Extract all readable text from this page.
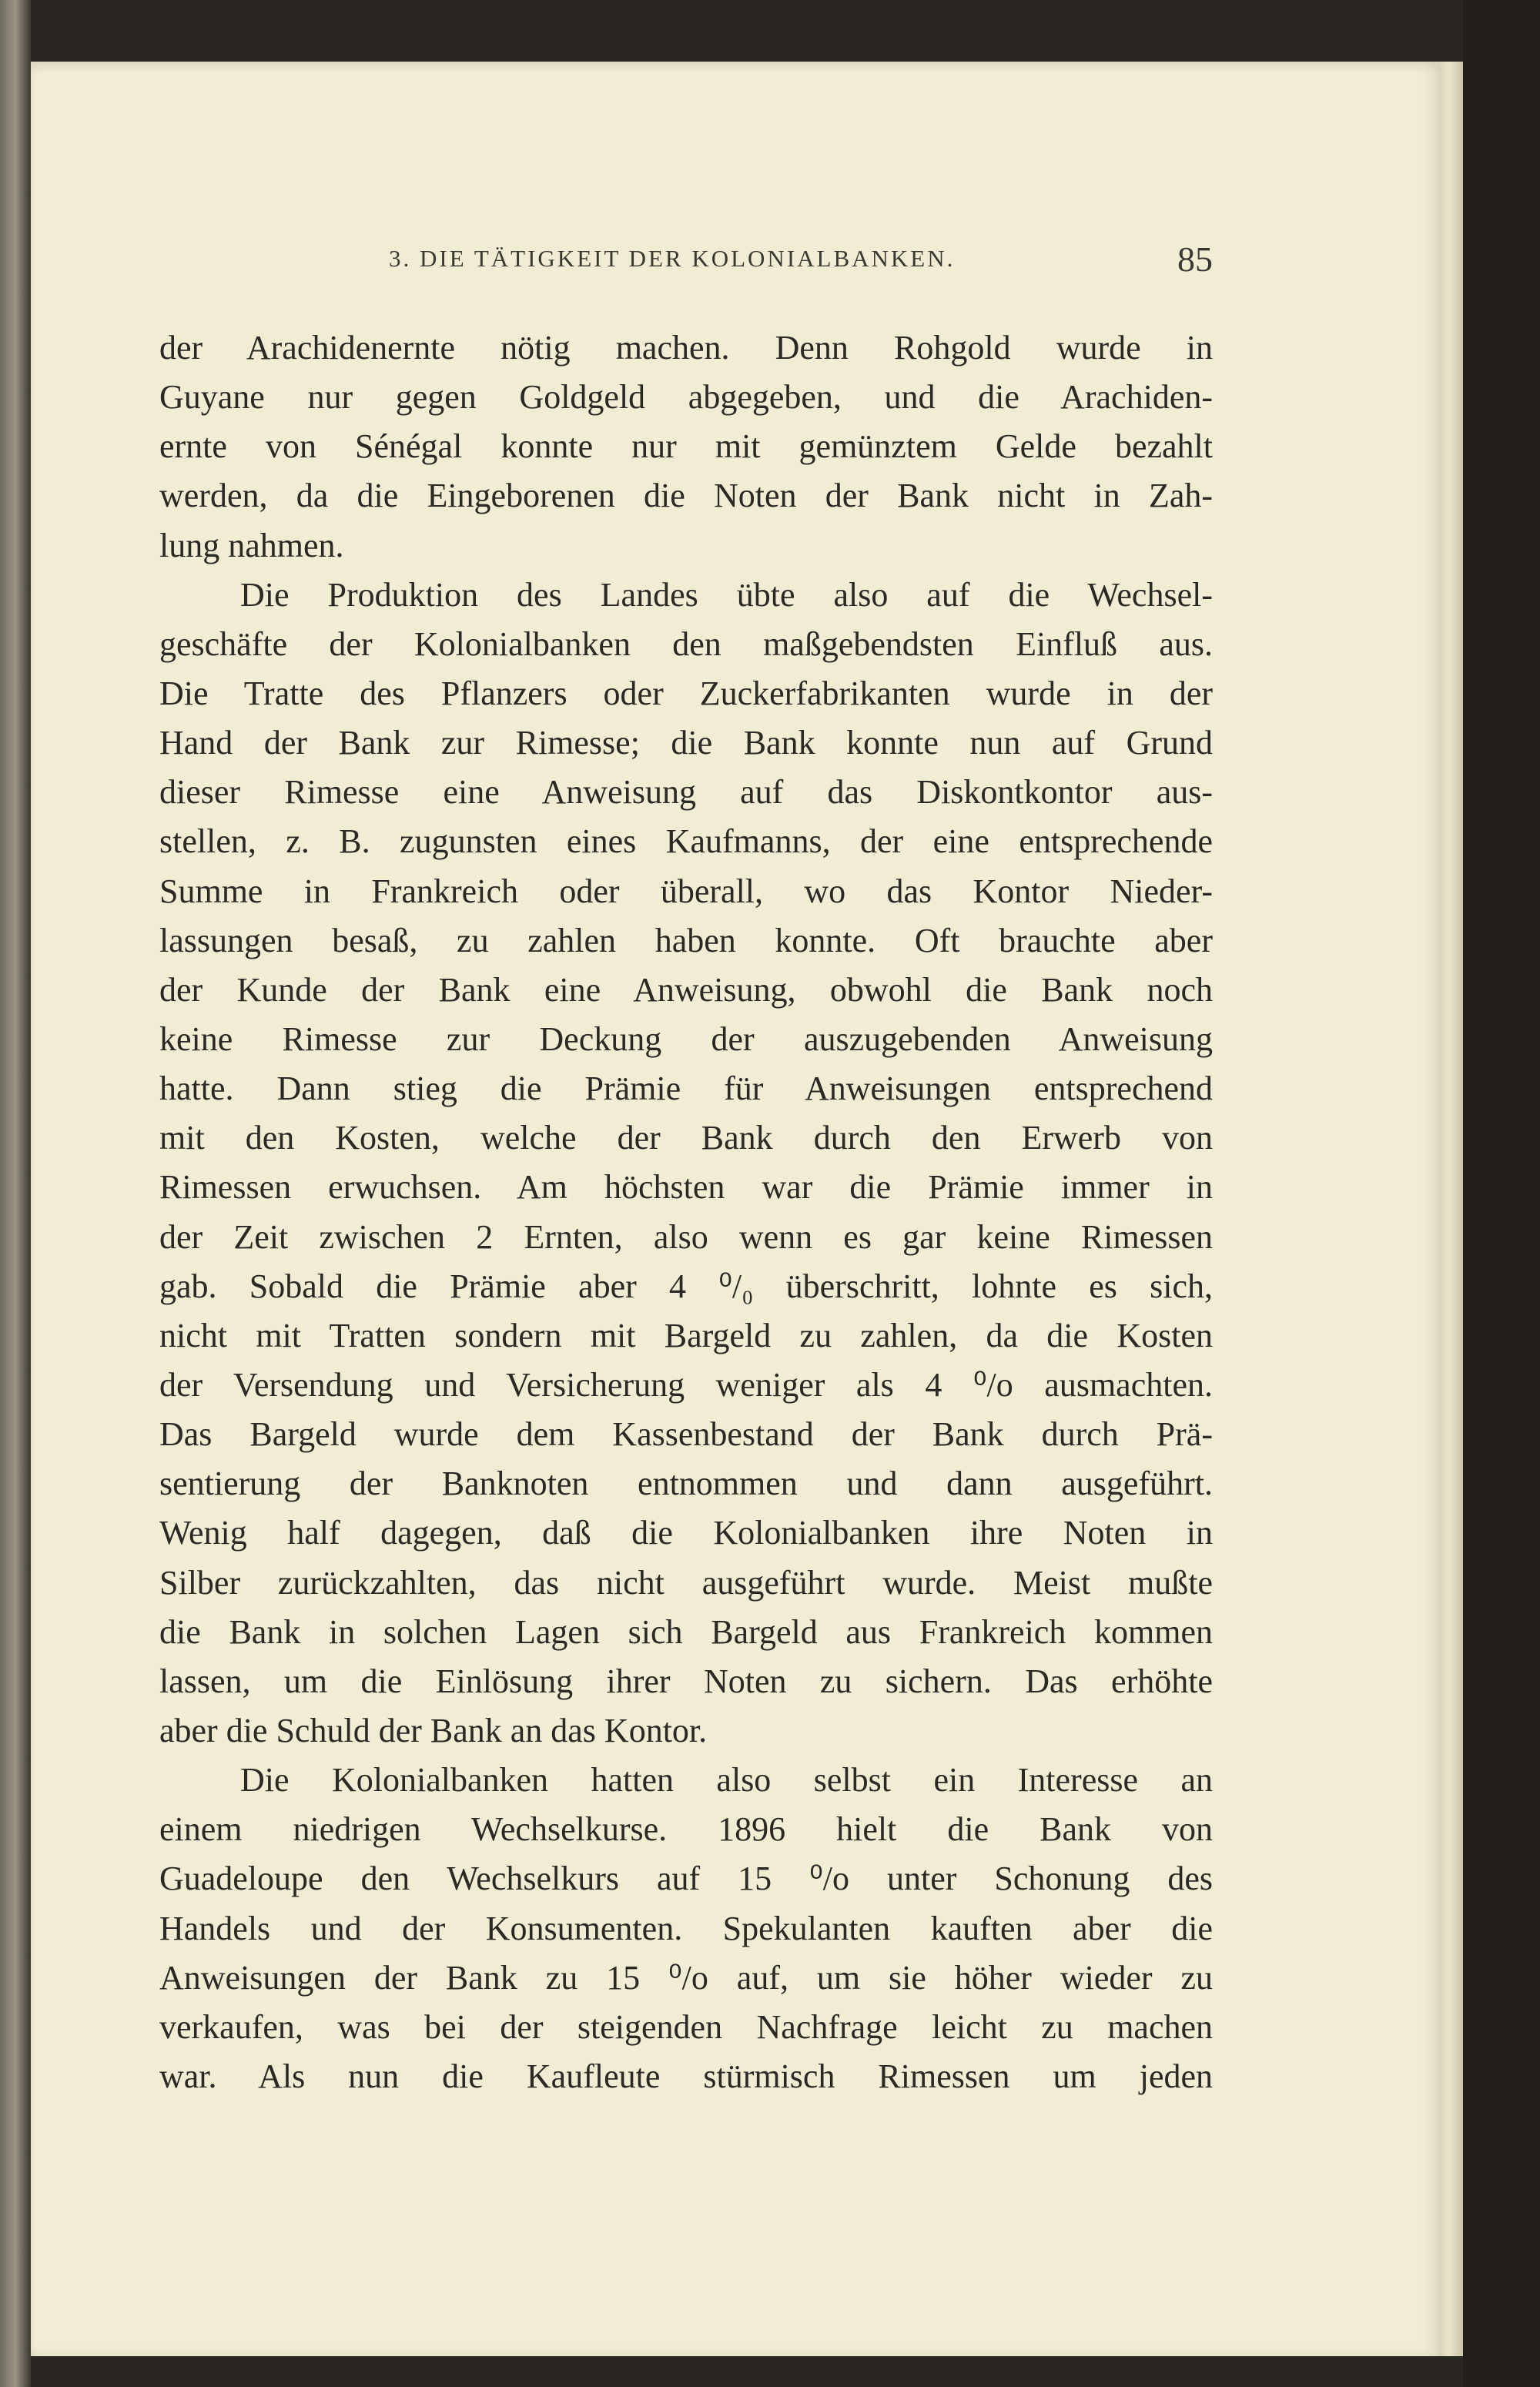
3. DIE TÄTIGKEIT DER KOLONIALBANKEN.	85
der Arachidenernte nötig machen. Denn Rohgold wurde in
Guyane nur gegen Goldgeld abgegeben, und die Arachiden-
ernte von Sénégal konnte nur mit gemünztem Gelde bezahlt
werden, da die Eingeborenen die Noten der Bank nicht in Zah-
lung nahmen.
Die Produktion des Landes übte also auf die Wechsel-
geschäfte der Kolonialbanken den maßgebendsten Einfluß aus.
Die Tratte des Pflanzers oder Zuckerfabrikanten wurde in der
Hand der Bank zur Rimesse; die Bank konnte nun auf Grund
dieser Rimesse eine Anweisung auf das Diskontkontor aus-
stellen, z. B. zugunsten eines Kaufmanns, der eine entsprechende
Summe in Frankreich oder überall, wo das Kontor Nieder-
lassungen besaß, zu zahlen haben konnte. Oft brauchte aber
der Kunde der Bank eine Anweisung, obwohl die Bank noch
keine Rimesse zur Deckung der auszugebenden Anweisung
hatte. Dann stieg die Prämie für Anweisungen entsprechend
mit den Kosten, welche der Bank durch den Erwerb von
Rimessen erwuchsen. Am höchsten war die Prämie immer in
der Zeit zwischen 2 Ernten, also wenn es gar keine Rimessen
gab. Sobald die Prämie aber 4 ⁰/₀ überschritt, lohnte es sich,
nicht mit Tratten sondern mit Bargeld zu zahlen, da die Kosten
der Versendung und Versicherung weniger als 4 ⁰/o ausmachten.
Das Bargeld wurde dem Kassenbestand der Bank durch Prä-
sentierung der Banknoten entnommen und dann ausgeführt.
Wenig half dagegen, daß die Kolonialbanken ihre Noten in
Silber zurückzahlten, das nicht ausgeführt wurde. Meist mußte
die Bank in solchen Lagen sich Bargeld aus Frankreich kommen
lassen, um die Einlösung ihrer Noten zu sichern. Das erhöhte
aber die Schuld der Bank an das Kontor.
Die Kolonialbanken hatten also selbst ein Interesse an
einem niedrigen Wechselkurse. 1896 hielt die Bank von
Guadeloupe den Wechselkurs auf 15 ⁰/o unter Schonung des
Handels und der Konsumenten. Spekulanten kauften aber die
Anweisungen der Bank zu 15 ⁰/o auf, um sie höher wieder zu
verkaufen, was bei der steigenden Nachfrage leicht zu machen
war. Als nun die Kaufleute stürmisch Rimessen um jeden
